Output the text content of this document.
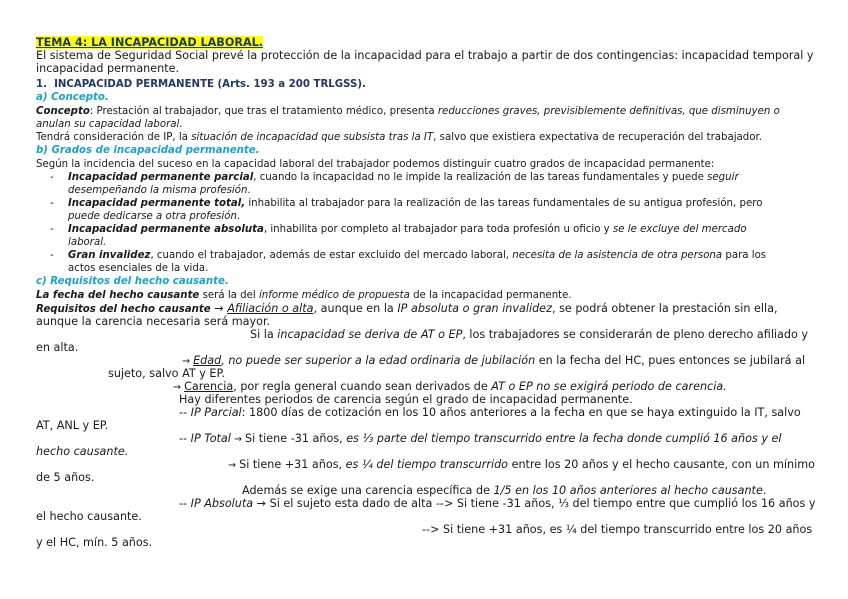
TEMA 4: LA INCAPACIDAD LABORAL.
El sistema de Seguridad Social prevé la protección de la incapacidad para el trabajo a partir de dos contingencias: incapacidad temporal y
incapacidad permanente.
1. INCAPACIDAD PERMANENTE (Arts. 193 a 200 TRLGSS).
a) Concepto.
Concepto: Prestación al trabajador, que tras el tratamiento médico, presenta reducciones graves, previsiblemente definitivas, que disminuyen o
anulan su capacidad laboral.
Tendrá consideración de IP, la situación de incapacidad que subsista tras la IT, salvo que existiera expectativa de recuperación del trabajador.
b) Grados de incapacidad permanente.
Según la incidencia del suceso en la capacidad laboral del trabajador podemos distinguir cuatro grados de incapacidad permanente:
- Incapacidad permanente parcial, cuando la incapacidad no le impide la realización de las tareas fundamentales y puede seguir
desempeñando la misma profesión.
- Incapacidad permanente total, inhabilita al trabajador para la realización de las tareas fundamentales de su antigua profesión, pero
puede dedicarse a otra profesión.
- Incapacidad permanente absoluta, inhabilita por completo al trabajador para toda profesión u oficio y se le excluye del mercado
laboral.
- Gran invalidez, cuando el trabajador, además de estar excluido del mercado laboral, necesita de la asistencia de otra persona para los
actos esenciales de la vida.
c) Requisitos del hecho causante.
La fecha del hecho causante será la del informe médico de propuesta de la incapacidad permanente.
Requisitos del hecho causante → Afiliación o alta, aunque en la IP absoluta o gran invalidez, se podrá obtener la prestación sin ella,
aunque la carencia necesaria será mayor.
Si la incapacidad se deriva de AT o EP, los trabajadores se considerarán de pleno derecho afiliado y
en alta.
→ Edad, no puede ser superior a la edad ordinaria de jubilación en la fecha del HC, pues entonces se jubilará al
sujeto, salvo AT y EP.
→ Carencia, por regla general cuando sean derivados de AT o EP no se exigirá periodo de carencia.
Hay diferentes periodos de carencia según el grado de incapacidad permanente.
-- IP Parcial: 1800 días de cotización en los 10 años anteriores a la fecha en que se haya extinguido la IT, salvo
AT, ANL y EP.
-- IP Total → Si tiene -31 años, es ⅓ parte del tiempo transcurrido entre la fecha donde cumplió 16 años y el
hecho causante.
→ Si tiene +31 años, es ¼ del tiempo transcurrido entre los 20 años y el hecho causante, con un mínimo
de 5 años.
Además se exige una carencia específica de 1/5 en los 10 años anteriores al hecho causante.
-- IP Absoluta → Si el sujeto esta dado de alta --> Si tiene -31 años, ⅓ del tiempo entre que cumplió los 16 años y
el hecho causante.
--> Si tiene +31 años, es ¼ del tiempo transcurrido entre los 20 años
y el HC, mín. 5 años.
